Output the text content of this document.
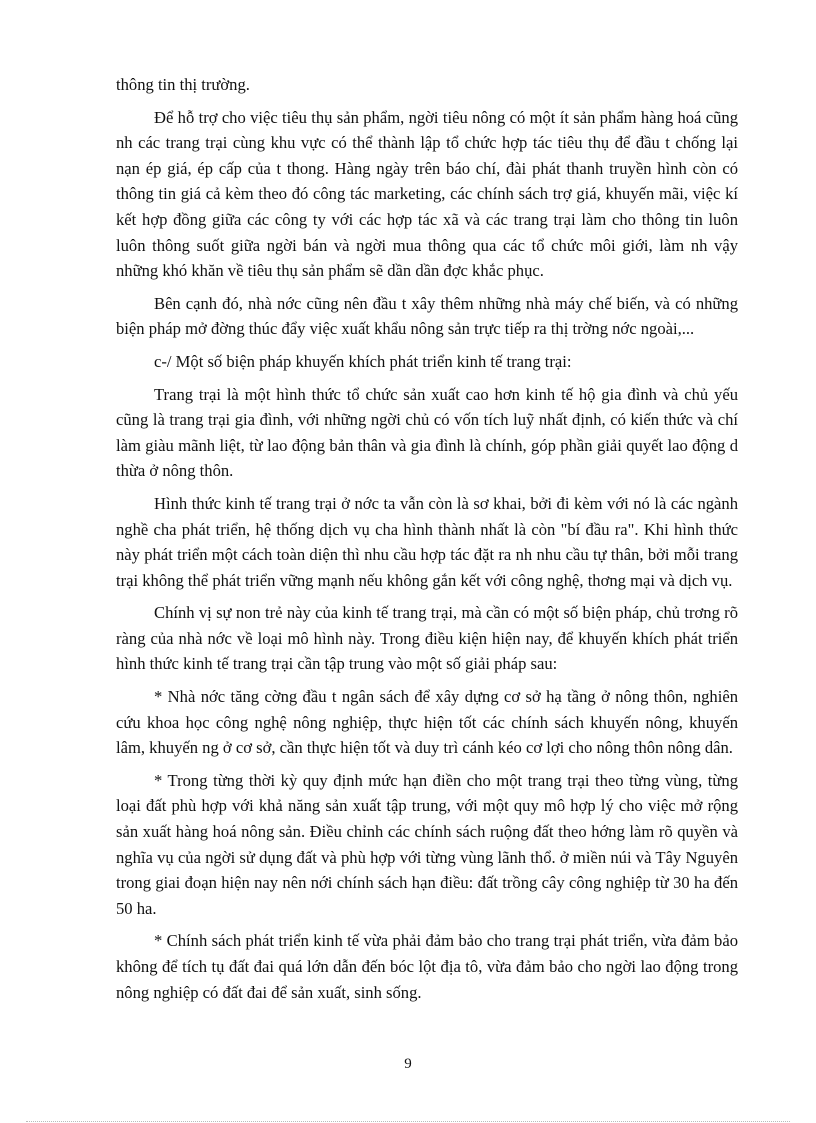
thông tin thị trường.

Để hỗ trợ cho việc tiêu thụ sản phẩm, ngời tiêu nông có một ít sản phẩm hàng hoá cũng nh các trang trại cùng khu vực có thể thành lập tổ chức hợp tác tiêu thụ để đầu t chống lại nạn ép giá, ép cấp của t thong. Hàng ngày trên báo chí, đài phát thanh truyền hình còn có thông tin giá cả kèm theo đó công tác marketing, các chính sách trợ giá, khuyến mãi, việc kí kết hợp đồng giữa các công ty với các hợp tác xã và các trang trại làm cho thông tin luôn luôn thông suốt giữa ngời bán và ngời mua thông qua các tổ chức môi giới, làm nh vậy những khó khăn về tiêu thụ sản phẩm sẽ dần dần đợc khắc phục.

Bên cạnh đó, nhà nớc cũng nên đầu t xây thêm những nhà máy chế biến, và có những biện pháp mở đờng thúc đẩy việc xuất khẩu nông sản trực tiếp ra thị trờng nớc ngoài,...

c-/ Một số biện pháp khuyến khích phát triển kinh tế trang trại:

Trang trại là một hình thức tổ chức sản xuất cao hơn kinh tế hộ gia đình và chủ yếu cũng là trang trại gia đình, với những ngời chủ có vốn tích luỹ nhất định, có kiến thức và chí làm giàu mãnh liệt, từ lao động bản thân và gia đình là chính, góp phần giải quyết lao động d thừa ở nông thôn.

Hình thức kinh tế trang trại ở nớc ta vẫn còn là sơ khai, bởi đi kèm với nó là các ngành nghề cha phát triển, hệ thống dịch vụ cha hình thành nhất là còn "bí đầu ra". Khi hình thức này phát triển một cách toàn diện thì nhu cầu hợp tác đặt ra nh nhu cầu tự thân, bởi mỗi trang trại không thể phát triển vững mạnh nếu không gắn kết với công nghệ, thơng mại và dịch vụ.

Chính vị sự non trẻ này của kinh tế trang trại, mà cần có một số biện pháp, chủ trơng rõ ràng của nhà nớc về loại mô hình này. Trong điều kiện hiện nay, để khuyến khích phát triển hình thức kinh tế trang trại cần tập trung vào một số giải pháp sau:

* Nhà nớc tăng cờng đầu t ngân sách để xây dựng cơ sở hạ tầng ở nông thôn, nghiên cứu khoa học công nghệ nông nghiệp, thực hiện tốt các chính sách khuyến nông, khuyến lâm, khuyến ng ở cơ sở, cần thực hiện tốt và duy trì cánh kéo cơ lợi cho nông thôn nông dân.

* Trong từng thời kỳ quy định mức hạn điền cho một trang trại theo từng vùng, từng loại đất phù hợp với khả năng sản xuất tập trung, với một quy mô hợp lý cho việc mở rộng sản xuất hàng hoá nông sản. Điều chỉnh các chính sách ruộng đất theo hớng làm rõ quyền và nghĩa vụ của ngời sử dụng đất và phù hợp với từng vùng lãnh thổ. ở miền núi và Tây Nguyên trong giai đoạn hiện nay nên nới chính sách hạn điều: đất trồng cây công nghiệp từ 30 ha đến 50 ha.

* Chính sách phát triển kinh tế vừa phải đảm bảo cho trang trại phát triển, vừa đảm bảo không để tích tụ đất đai quá lớn dẫn đến bóc lột địa tô, vừa đảm bảo cho ngời lao động trong nông nghiệp có đất đai để sản xuất, sinh sống.

9
